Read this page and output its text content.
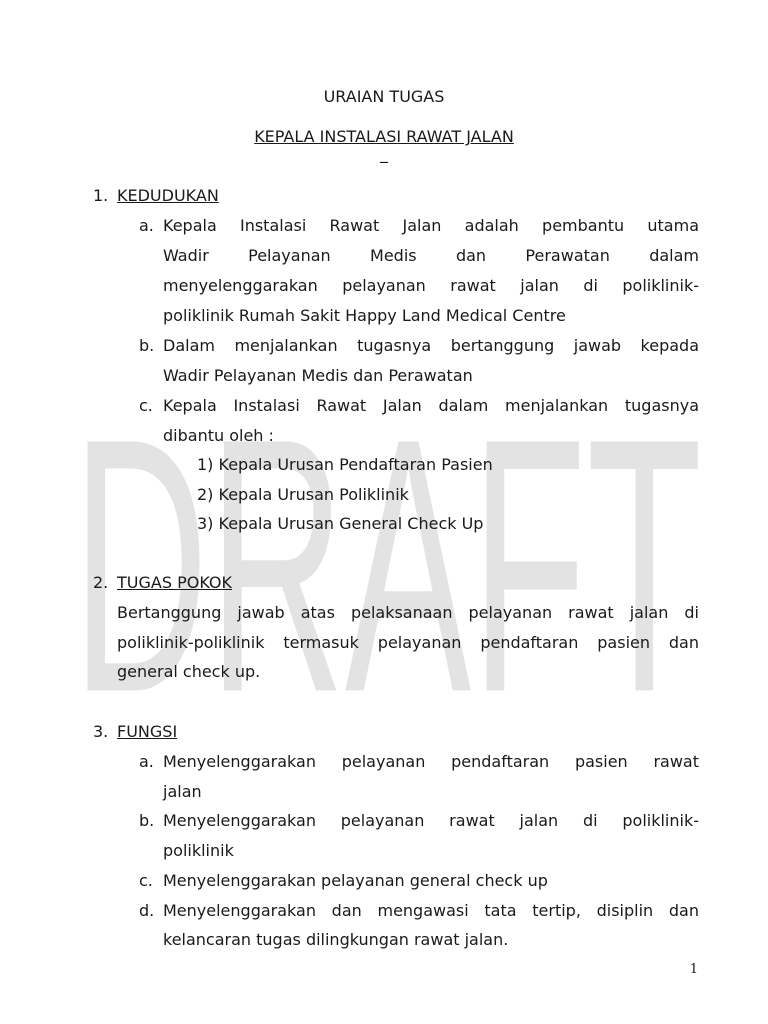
DRAFT
URAIAN TUGAS
KEPALA INSTALASI RAWAT JALAN
_
1. KEDUDUKAN
a. Kepala Instalasi Rawat Jalan adalah pembantu utama
Wadir Pelayanan Medis dan Perawatan dalam
menyelenggarakan pelayanan rawat jalan di poliklinik-
poliklinik Rumah Sakit Happy Land Medical Centre
b. Dalam menjalankan tugasnya bertanggung jawab kepada
Wadir Pelayanan Medis dan Perawatan
c. Kepala Instalasi Rawat Jalan dalam menjalankan tugasnya
dibantu oleh :
1) Kepala Urusan Pendaftaran Pasien
2) Kepala Urusan Poliklinik
3) Kepala Urusan General Check Up
2. TUGAS POKOK
Bertanggung jawab atas pelaksanaan pelayanan rawat jalan di
poliklinik-poliklinik termasuk pelayanan pendaftaran pasien dan
general check up.
3. FUNGSI
a. Menyelenggarakan pelayanan pendaftaran pasien rawat
jalan
b. Menyelenggarakan pelayanan rawat jalan di poliklinik-
poliklinik
c. Menyelenggarakan pelayanan general check up
d. Menyelenggarakan dan mengawasi tata tertip, disiplin dan
kelancaran tugas dilingkungan rawat jalan.
1
